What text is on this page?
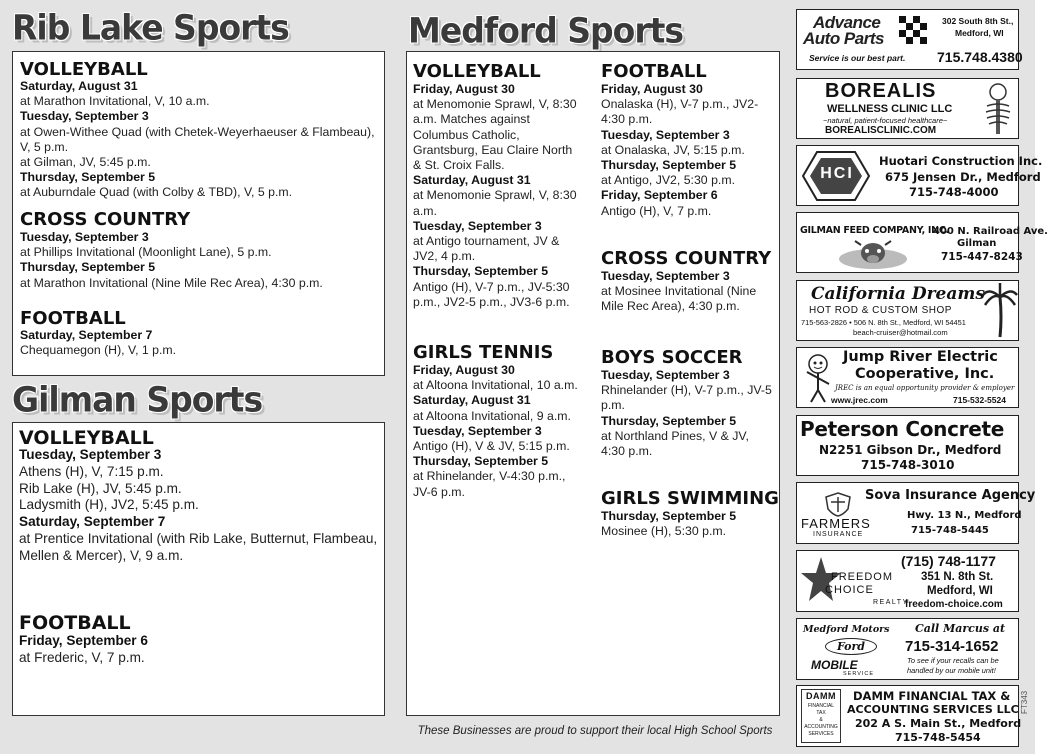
Rib Lake Sports
VOLLEYBALL
Saturday, August 31
at Marathon Invitational, V, 10 a.m.
Tuesday, September 3
at Owen-Withee Quad (with Chetek-Weyerhaeuser & Flambeau), V, 5 p.m.
at Gilman, JV, 5:45 p.m.
Thursday, September 5
at Auburndale Quad (with Colby & TBD), V, 5 p.m.
CROSS COUNTRY
Tuesday, September 3
at Phillips Invitational (Moonlight Lane), 5 p.m.
Thursday, September 5
at Marathon Invitational (Nine Mile Rec Area), 4:30 p.m.
FOOTBALL
Saturday, September 7
Chequamegon (H), V, 1 p.m.
Gilman Sports
VOLLEYBALL
Tuesday, September 3
Athens (H), V, 7:15 p.m.
Rib Lake (H), JV, 5:45 p.m.
Ladysmith (H), JV2, 5:45 p.m.
Saturday, September 7
at Prentice Invitational (with Rib Lake, Butternut, Flambeau, Mellen & Mercer), V, 9 a.m.
FOOTBALL
Friday, September 6
at Frederic, V, 7 p.m.
Medford Sports
VOLLEYBALL
Friday, August 30
at Menomonie Sprawl, V, 8:30 a.m. Matches against Columbus Catholic, Grantsburg, Eau Claire North & St. Croix Falls.
Saturday, August 31
at Menomonie Sprawl, V, 8:30 a.m.
Tuesday, September 3
at Antigo tournament, JV & JV2, 4 p.m.
Thursday, September 5
Antigo (H), V-7 p.m., JV-5:30 p.m., JV2-5 p.m., JV3-6 p.m.
GIRLS TENNIS
Friday, August 30
at Altoona Invitational, 10 a.m.
Saturday, August 31
at Altoona Invitational, 9 a.m.
Tuesday, September 3
Antigo (H), V & JV, 5:15 p.m.
Thursday, September 5
at Rhinelander, V-4:30 p.m., JV-6 p.m.
FOOTBALL
Friday, August 30
Onalaska (H), V-7 p.m., JV2-4:30 p.m.
Tuesday, September 3
at Onalaska, JV, 5:15 p.m.
Thursday, September 5
at Antigo, JV2, 5:30 p.m.
Friday, September 6
Antigo (H), V, 7 p.m.
CROSS COUNTRY
Tuesday, September 3
at Mosinee Invitational (Nine Mile Rec Area), 4:30 p.m.
BOYS SOCCER
Tuesday, September 3
Rhinelander (H), V-7 p.m., JV-5 p.m.
Thursday, September 5
at Northland Pines, V & JV, 4:30 p.m.
GIRLS SWIMMING
Thursday, September 5
Mosinee (H), 5:30 p.m.
These Businesses are proud to support their local High School Sports
FT343
Advance
Auto Parts
Service is our best part.
302 South 8th St.,
Medford, WI
715.748.4380
BOREALIS
WELLNESS CLINIC LLC
~natural, patient-focused healthcare~
BOREALISCLINIC.COM
HCI
Huotari Construction Inc.
675 Jensen Dr., Medford
715-748-4000
GILMAN FEED COMPANY, INC.
400 N. Railroad Ave.
Gilman
715-447-8243
California Dreams
HOT ROD & CUSTOM SHOP
715-563-2826 • 506 N. 8th St., Medford, WI 54451
beach-cruiser@hotmail.com
Jump River Electric
Cooperative, Inc.
JREC is an equal opportunity provider & employer
www.jrec.com	715-532-5524
Peterson Concrete
N2251 Gibson Dr., Medford
715-748-3010
FARMERS
INSURANCE
Sova Insurance Agency
Hwy. 13 N., Medford
715-748-5445
FREEDOM
CHOICE
REALTY
(715) 748-1177
351 N. 8th St.
Medford, WI
freedom-choice.com
Medford Motors
Ford
MOBILE
SERVICE
Call Marcus at
715-314-1652
To see if your recalls can be
handled by our mobile unit!
DAMM
FINANCIAL
TAX
&
ACCOUNTING
SERVICES
DAMM FINANCIAL TAX &
ACCOUNTING SERVICES LLC
202 A S. Main St., Medford
715-748-5454
